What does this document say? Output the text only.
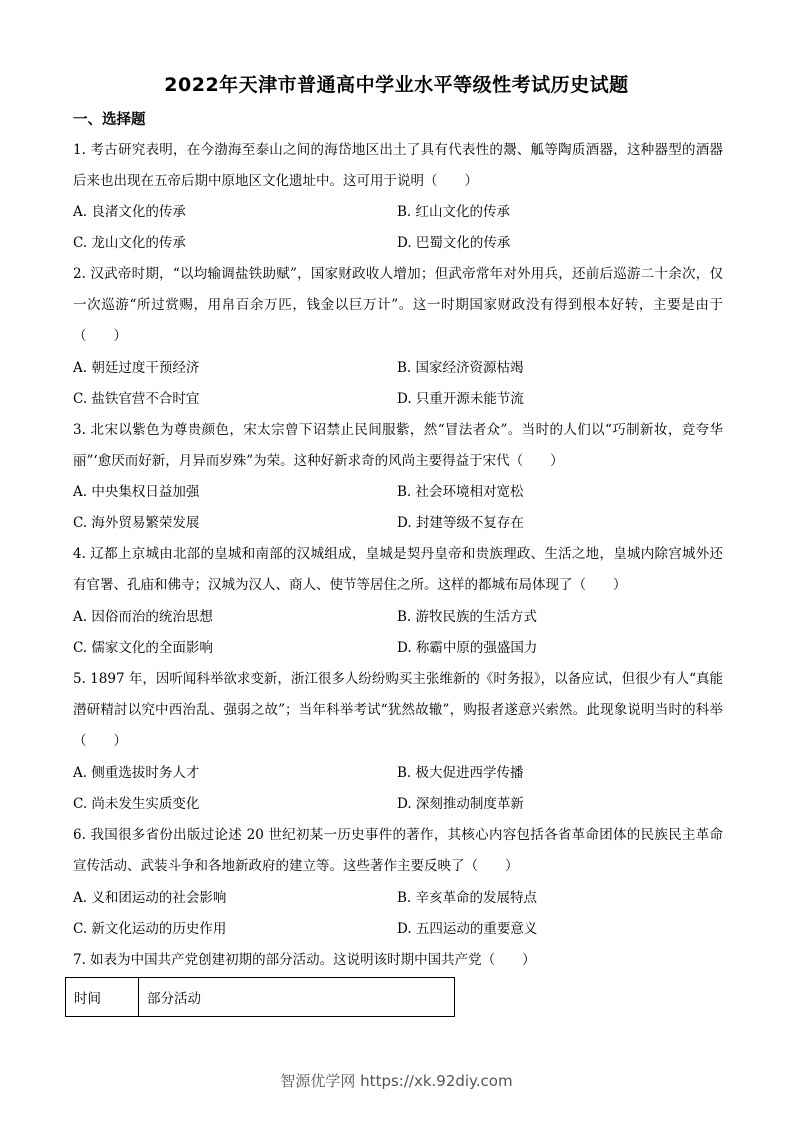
2022年天津市普通高中学业水平等级性考试历史试题
一、选择题
1. 考古研究表明，在今渤海至泰山之间的海岱地区出土了具有代表性的鬶、觚等陶质酒器，这种器型的酒器后来也出现在五帝后期中原地区文化遗址中。这可用于说明（　　）
A. 良渚文化的传承	B. 红山文化的传承
C. 龙山文化的传承	D. 巴蜀文化的传承
2. 汉武帝时期，“以均输调盐铁助赋”，国家财政收人增加；但武帝常年对外用兵，还前后巡游二十余次，仅一次巡游“所过赏赐，用帛百余万匹，钱金以巨万计”。这一时期国家财政没有得到根本好转，主要是由于（　　）
A. 朝廷过度干预经济	B. 国家经济资源枯竭
C. 盐铁官营不合时宜	D. 只重开源未能节流
3. 北宋以紫色为尊贵颜色，宋太宗曾下诏禁止民间服紫，然“冒法者众”。当时的人们以“巧制新妆，竞夸华丽”‘愈厌而好新，月异而岁殊”为荣。这种好新求奇的风尚主要得益于宋代（　　）
A. 中央集权日益加强	B. 社会环境相对宽松
C. 海外贸易繁荣发展	D. 封建等级不复存在
4. 辽都上京城由北部的皇城和南部的汉城组成，皇城是契丹皇帝和贵族理政、生活之地，皇城内除宫城外还有官署、孔庙和佛寺；汉城为汉人、商人、使节等居住之所。这样的都城布局体现了（　　）
A. 因俗而治的统治思想	B. 游牧民族的生活方式
C. 儒家文化的全面影响	D. 称霸中原的强盛国力
5. 1897 年，因听闻科举欲求变新，浙江很多人纷纷购买主张维新的《时务报》，以备应试，但很少有人“真能潜研精討以究中西治乱、强弱之故”；当年科举考试“犹然故辙”，购报者遂意兴索然。此现象说明当时的科举（　　）
A. 侧重选拔时务人才	B. 极大促进西学传播
C. 尚未发生实质变化	D. 深刻推动制度革新
6. 我国很多省份出版过论述 20 世纪初某一历史事件的著作，其核心内容包括各省革命团体的民族民主革命宣传活动、武装斗争和各地新政府的建立等。这些著作主要反映了（　　）
A. 义和团运动的社会影响	B. 辛亥革命的发展特点
C. 新文化运动的历史作用	D. 五四运动的重要意义
7. 如表为中国共产党创建初期的部分活动。这说明该时期中国共产党（　　）
时间	部分活动
智源优学网 https://xk.92diy.com
